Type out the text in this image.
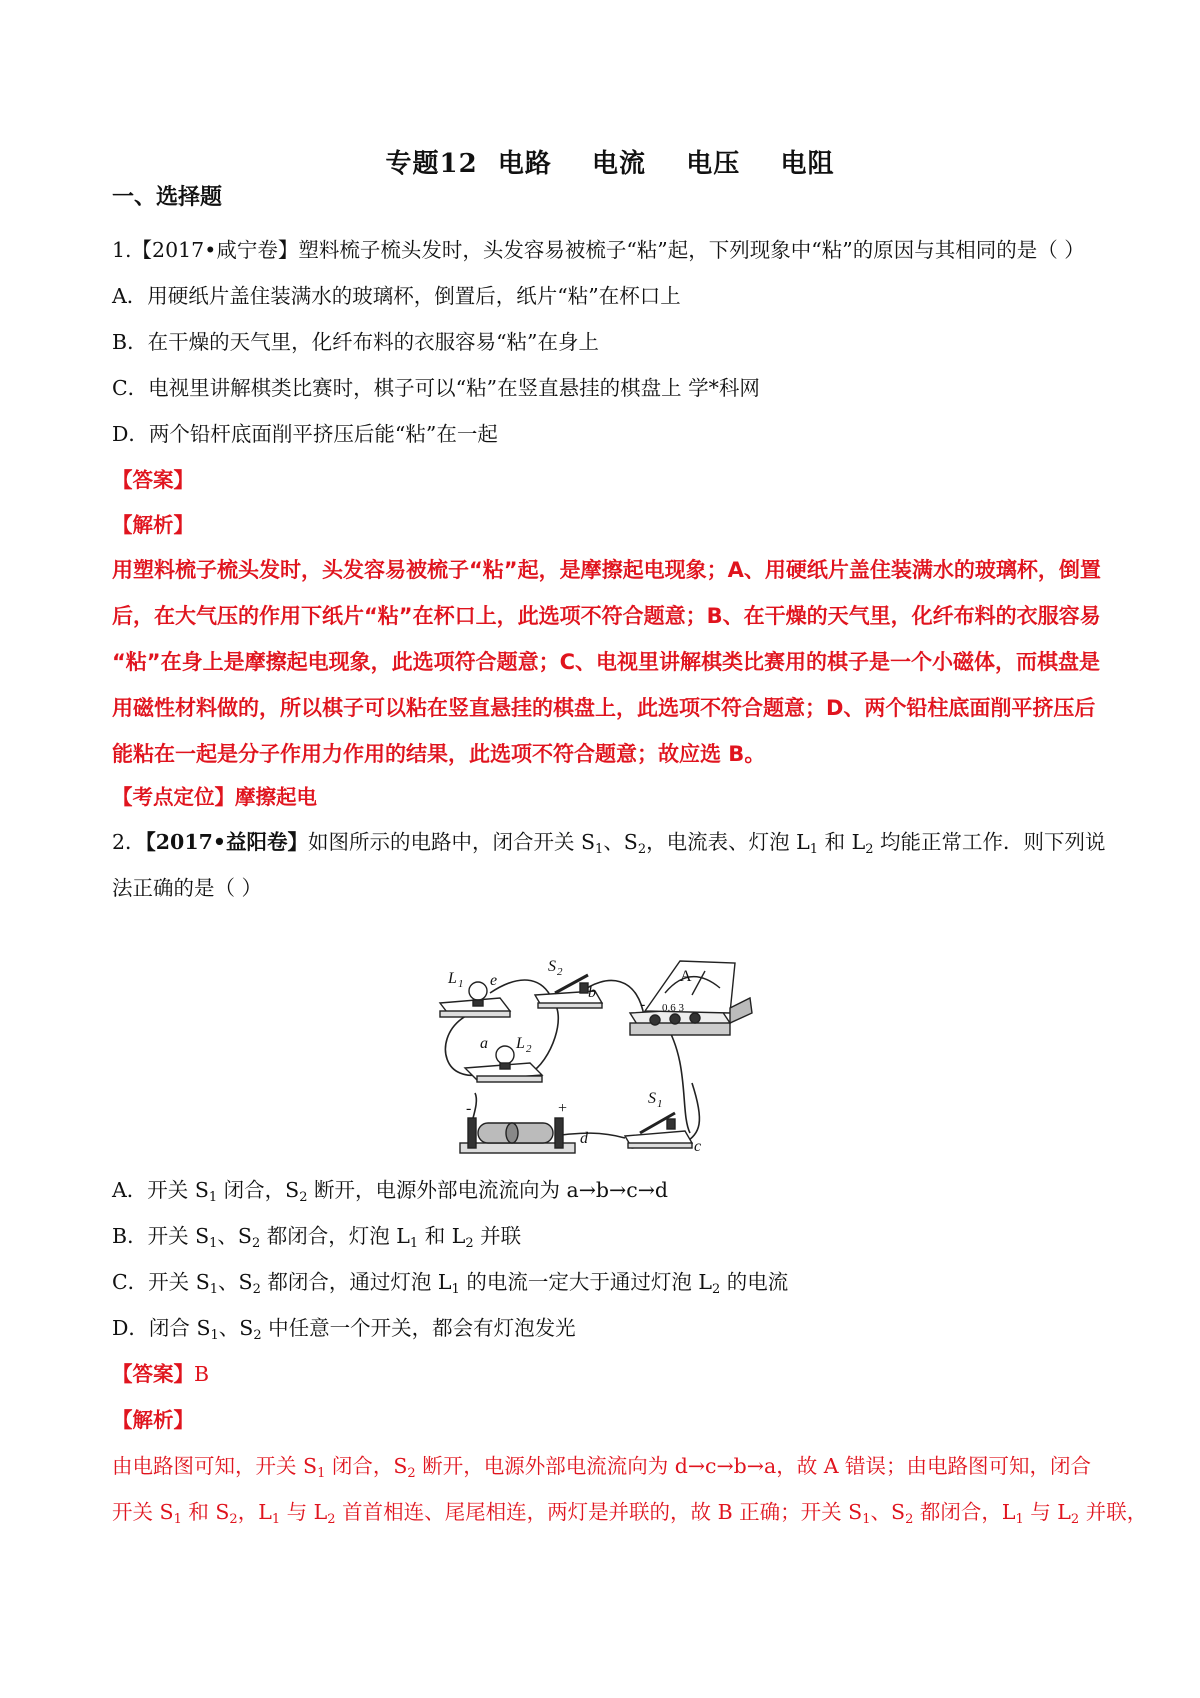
专题12  电路    电流    电压    电阻
一、选择题
1.【2017•咸宁卷】塑料梳子梳头发时，头发容易被梳子“粘”起，下列现象中“粘”的原因与其相同的是（ ）
A．用硬纸片盖住装满水的玻璃杯，倒置后，纸片“粘”在杯口上
B．在干燥的天气里，化纤布料的衣服容易“粘”在身上
C．电视里讲解棋类比赛时，棋子可以“粘”在竖直悬挂的棋盘上 学*科网
D．两个铅杆底面削平挤压后能“粘”在一起
【答案】
【解析】
用塑料梳子梳头发时，头发容易被梳子“粘”起，是摩擦起电现象；A、用硬纸片盖住装满水的玻璃杯，倒置
后，在大气压的作用下纸片“粘”在杯口上，此选项不符合题意；B、在干燥的天气里，化纤布料的衣服容易
“粘”在身上是摩擦起电现象，此选项符合题意；C、电视里讲解棋类比赛用的棋子是一个小磁体，而棋盘是
用磁性材料做的，所以棋子可以粘在竖直悬挂的棋盘上，此选项不符合题意；D、两个铅柱底面削平挤压后
能粘在一起是分子作用力作用的结果，此选项不符合题意；故应选 B。
【考点定位】摩擦起电
2．【2017•益阳卷】如图所示的电路中，闭合开关 $S_1$、$S_2$，电流表、灯泡 $L_1$ 和 $L_2$ 均能正常工作．则下列说
法正确的是（ ）
L 1 e
S 2
b
A
0.6 3
-
a L 2
S 1
c
d
-	+
A．开关 $S_1$ 闭合，$S_2$ 断开，电源外部电流流向为 a→b→c→d
B．开关 $S_1$、$S_2$ 都闭合，灯泡 $L_1$ 和 $L_2$ 并联
C．开关 $S_1$、$S_2$ 都闭合，通过灯泡 $L_1$ 的电流一定大于通过灯泡 $L_2$ 的电流
D．闭合 $S_1$、$S_2$ 中任意一个开关，都会有灯泡发光
【答案】B
【解析】
由电路图可知，开关 $S_1$ 闭合，$S_2$ 断开，电源外部电流流向为 d→c→b→a，故 A 错误；由电路图可知，闭合
开关 $S_1$ 和 $S_2$，$L_1$ 与 $L_2$ 首首相连、尾尾相连，两灯是并联的，故 B 正确；开关 $S_1$、$S_2$ 都闭合，$L_1$ 与 $L_2$ 并联，
